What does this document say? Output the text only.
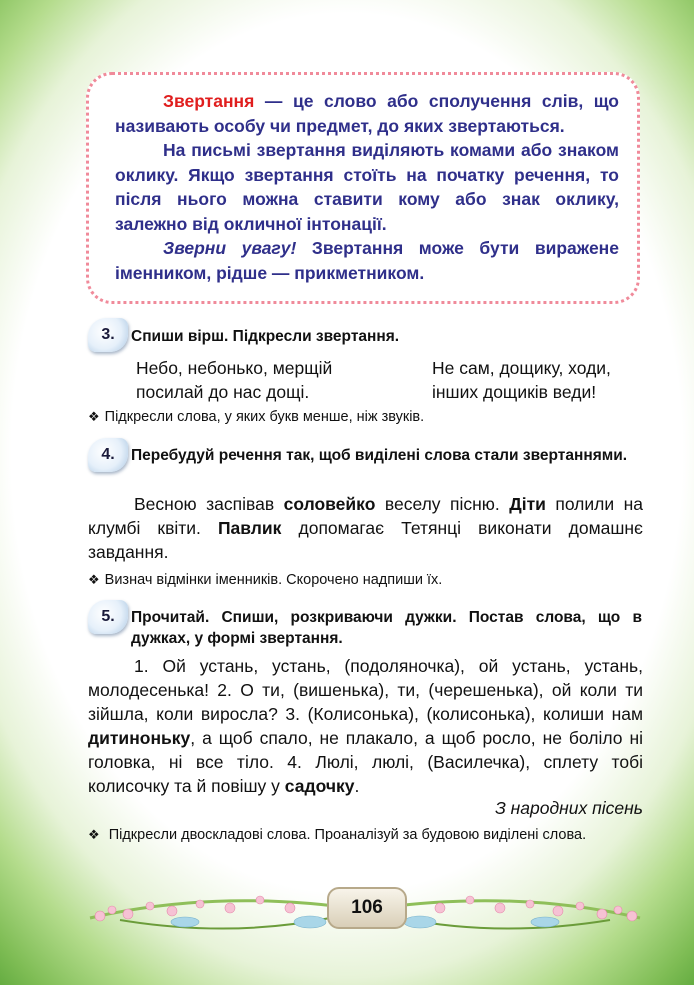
Звертання — це слово або сполучення слів, що називають особу чи предмет, до яких звертаються.

На письмі звертання виділяють комами або знаком оклику. Якщо звертання стоїть на початку речення, то після нього можна ставити кому або знак оклику, залежно від окличної інтонації.

Зверни увагу! Звертання може бути виражене іменником, рідше — прикметником.

3.	Спиши вірш. Підкресли звертання.
Небо, небонько, мерщій
посилай до нас дощі.
Не сам, дощику, ходи,
інших дощиків веди!
❖ Підкресли слова, у яких букв менше, ніж звуків.
4.	Перебудуй речення так, щоб виділені слова стали звертаннями.
Весною заспівав соловейко веселу пісню. Діти полили на клумбі квіти. Павлик допомагає Тетянці виконати домашнє завдання.
❖ Визнач відмінки іменників. Скорочено надпиши їх.
5.	Прочитай. Спиши, розкриваючи дужки. Постав слова, що в дужках, у формі звертання.
1. Ой устань, устань, (подоляночка), ой устань, устань, молодесенька! 2. О ти, (вишенька), ти, (черешенька), ой коли ти зійшла, коли виросла? 3. (Колисонька), (колисонька), колиши нам дитиноньку, а щоб спало, не плакало, а щоб росло, не боліло ні головка, ні все тіло. 4. Люлі, люлі, (Василечка), сплету тобі колисочку та й повішу у садочку.
З народних пісень
❖ Підкресли двоскладові слова. Проаналізуй за будовою виділені слова.
106
